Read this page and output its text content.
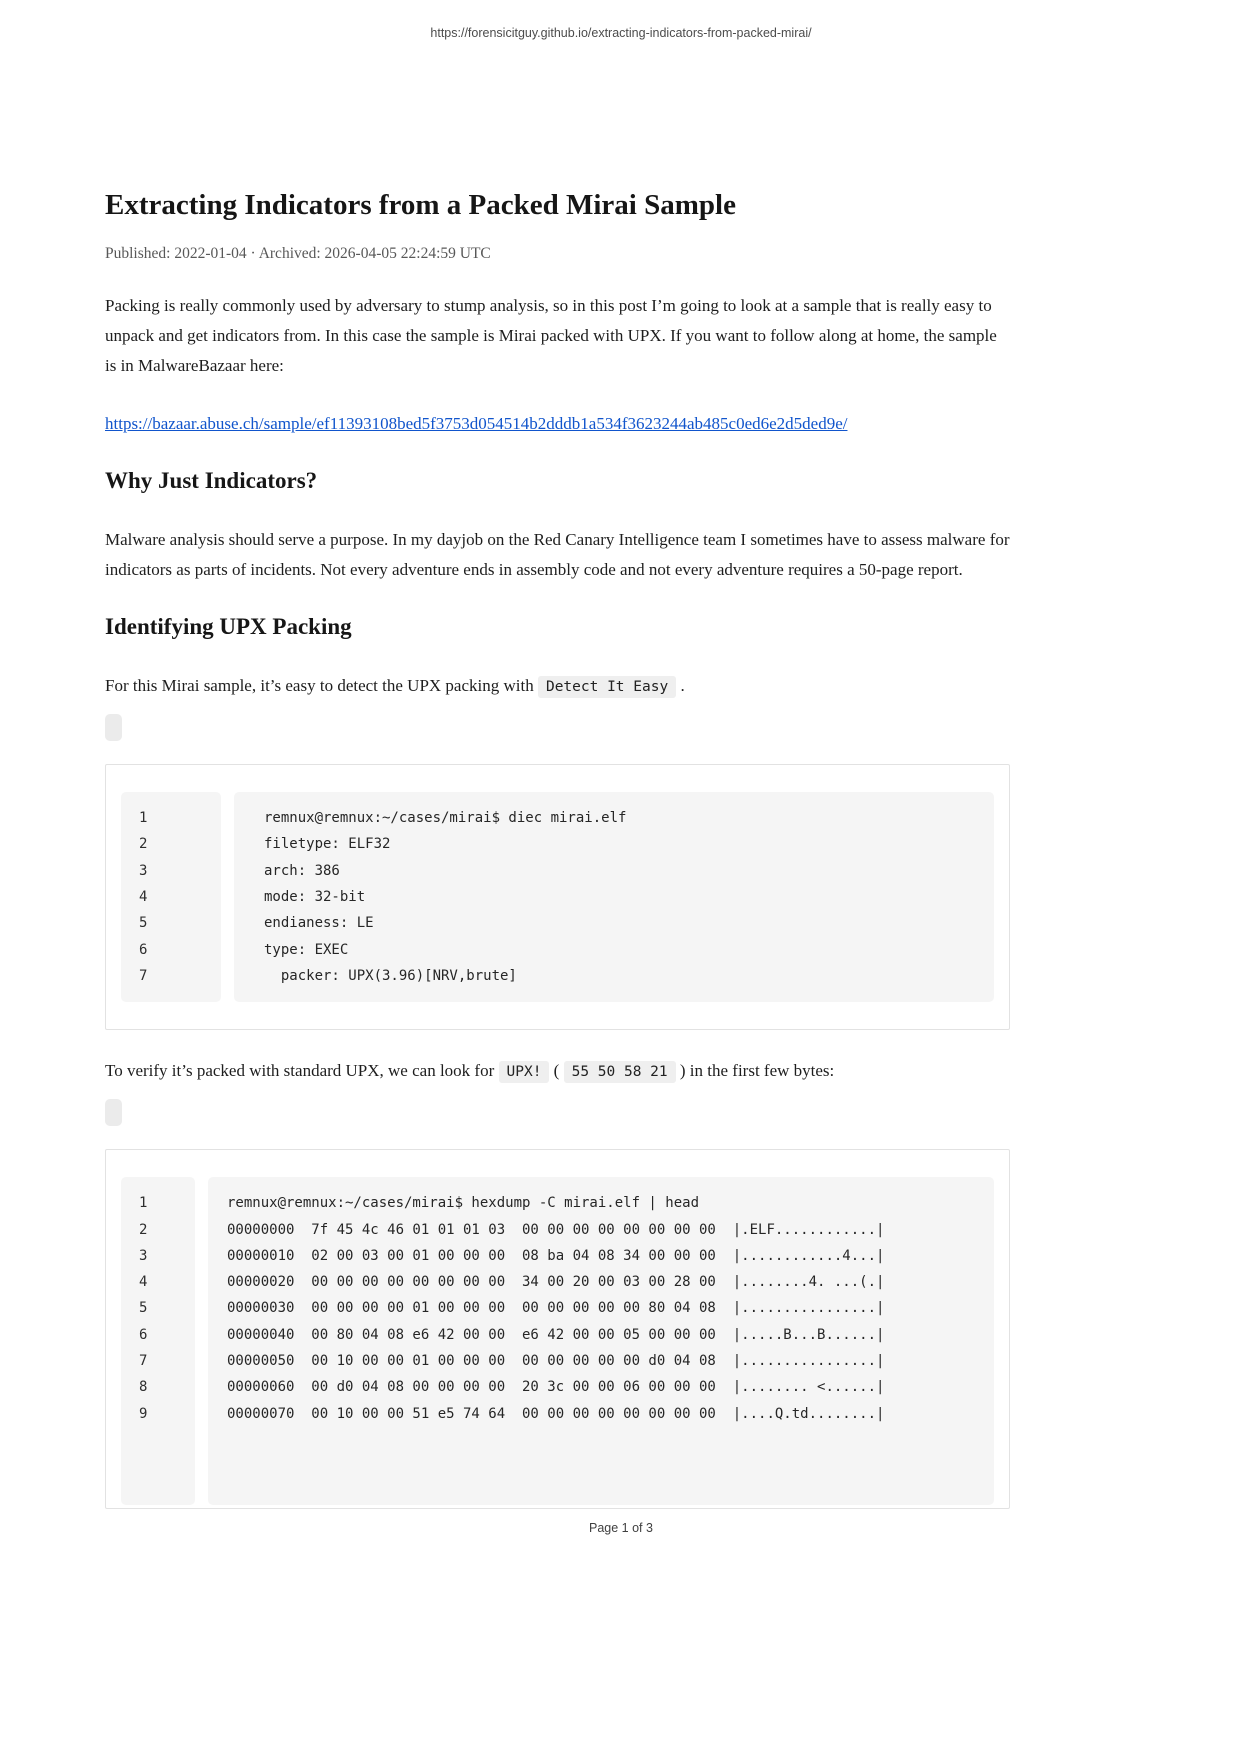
https://forensicitguy.github.io/extracting-indicators-from-packed-mirai/
Extracting Indicators from a Packed Mirai Sample

Published: 2022-01-04 · Archived: 2026-04-05 22:24:59 UTC

Packing is really commonly used by adversary to stump analysis, so in this post I’m going to look at a sample that is really easy to unpack and get indicators from. In this case the sample is Mirai packed with UPX. If you want to follow along at home, the sample is in MalwareBazaar here:

https://bazaar.abuse.ch/sample/ef11393108bed5f3753d054514b2dddb1a534f3623244ab485c0ed6e2d5ded9e/

Why Just Indicators?

Malware analysis should serve a purpose. In my dayjob on the Red Canary Intelligence team I sometimes have to assess malware for indicators as parts of incidents. Not every adventure ends in assembly code and not every adventure requires a 50-page report.

Identifying UPX Packing

For this Mirai sample, it’s easy to detect the UPX packing with Detect It Easy .

1
2
3
4
5
6
7
remnux@remnux:~/cases/mirai$ diec mirai.elf
filetype: ELF32
arch: 386
mode: 32-bit
endianess: LE
type: EXEC
packer: UPX(3.96)[NRV,brute]

To verify it’s packed with standard UPX, we can look for UPX! ( 55 50 58 21 ) in the first few bytes:

1
2
3
4
5
6
7
8
9
remnux@remnux:~/cases/mirai$ hexdump -C mirai.elf | head
00000000  7f 45 4c 46 01 01 01 03  00 00 00 00 00 00 00 00  |.ELF............|
00000010  02 00 03 00 01 00 00 00  08 ba 04 08 34 00 00 00  |............4...|
00000020  00 00 00 00 00 00 00 00  34 00 20 00 03 00 28 00  |........4. ...(.|
00000030  00 00 00 00 01 00 00 00  00 00 00 00 00 80 04 08  |................|
00000040  00 80 04 08 e6 42 00 00  e6 42 00 00 05 00 00 00  |.....B...B......|
00000050  00 10 00 00 01 00 00 00  00 00 00 00 00 d0 04 08  |................|
00000060  00 d0 04 08 00 00 00 00  20 3c 00 00 06 00 00 00  |........ <......|
00000070  00 10 00 00 51 e5 74 64  00 00 00 00 00 00 00 00  |....Q.td........|
Page 1 of 3
